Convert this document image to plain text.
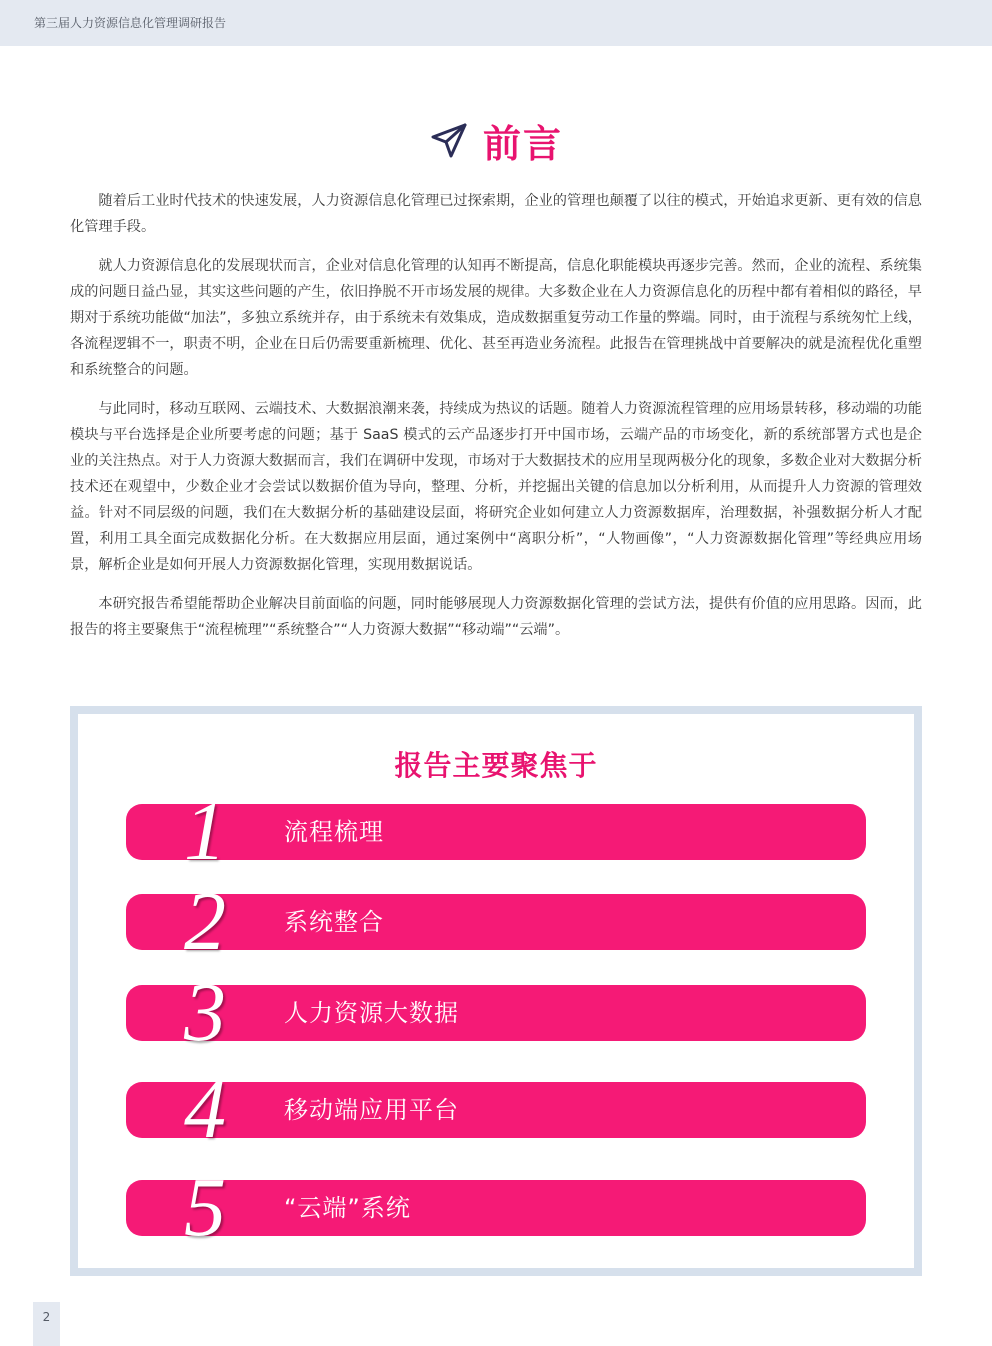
第三届人力资源信息化管理调研报告
前言

随着后工业时代技术的快速发展，人力资源信息化管理已过探索期，企业的管理也颠覆了以往的模式，开始追求更新、更有效的信息化管理手段。

就人力资源信息化的发展现状而言，企业对信息化管理的认知再不断提高，信息化职能模块再逐步完善。然而，企业的流程、系统集成的问题日益凸显，其实这些问题的产生，依旧挣脱不开市场发展的规律。大多数企业在人力资源信息化的历程中都有着相似的路径，早期对于系统功能做“加法”，多独立系统并存，由于系统未有效集成，造成数据重复劳动工作量的弊端。同时，由于流程与系统匆忙上线，各流程逻辑不一，职责不明，企业在日后仍需要重新梳理、优化、甚至再造业务流程。此报告在管理挑战中首要解决的就是流程优化重塑和系统整合的问题。

与此同时，移动互联网、云端技术、大数据浪潮来袭，持续成为热议的话题。随着人力资源流程管理的应用场景转移，移动端的功能模块与平台选择是企业所要考虑的问题；基于 SaaS 模式的云产品逐步打开中国市场，云端产品的市场变化，新的系统部署方式也是企业的关注热点。对于人力资源大数据而言，我们在调研中发现，市场对于大数据技术的应用呈现两极分化的现象，多数企业对大数据分析技术还在观望中，少数企业才会尝试以数据价值为导向，整理、分析，并挖掘出关键的信息加以分析利用，从而提升人力资源的管理效益。针对不同层级的问题，我们在大数据分析的基础建设层面，将研究企业如何建立人力资源数据库，治理数据，补强数据分析人才配置，利用工具全面完成数据化分析。在大数据应用层面，通过案例中“离职分析”，“人物画像”，“人力资源数据化管理”等经典应用场景，解析企业是如何开展人力资源数据化管理，实现用数据说话。

本研究报告希望能帮助企业解决目前面临的问题，同时能够展现人力资源数据化管理的尝试方法，提供有价值的应用思路。因而，此报告的将主要聚焦于“流程梳理”“系统整合”“人力资源大数据”“移动端”“云端”。

报告主要聚焦于
1	流程梳理
2	系统整合
3	人力资源大数据
4	移动端应用平台
5	“云端”系统
2
